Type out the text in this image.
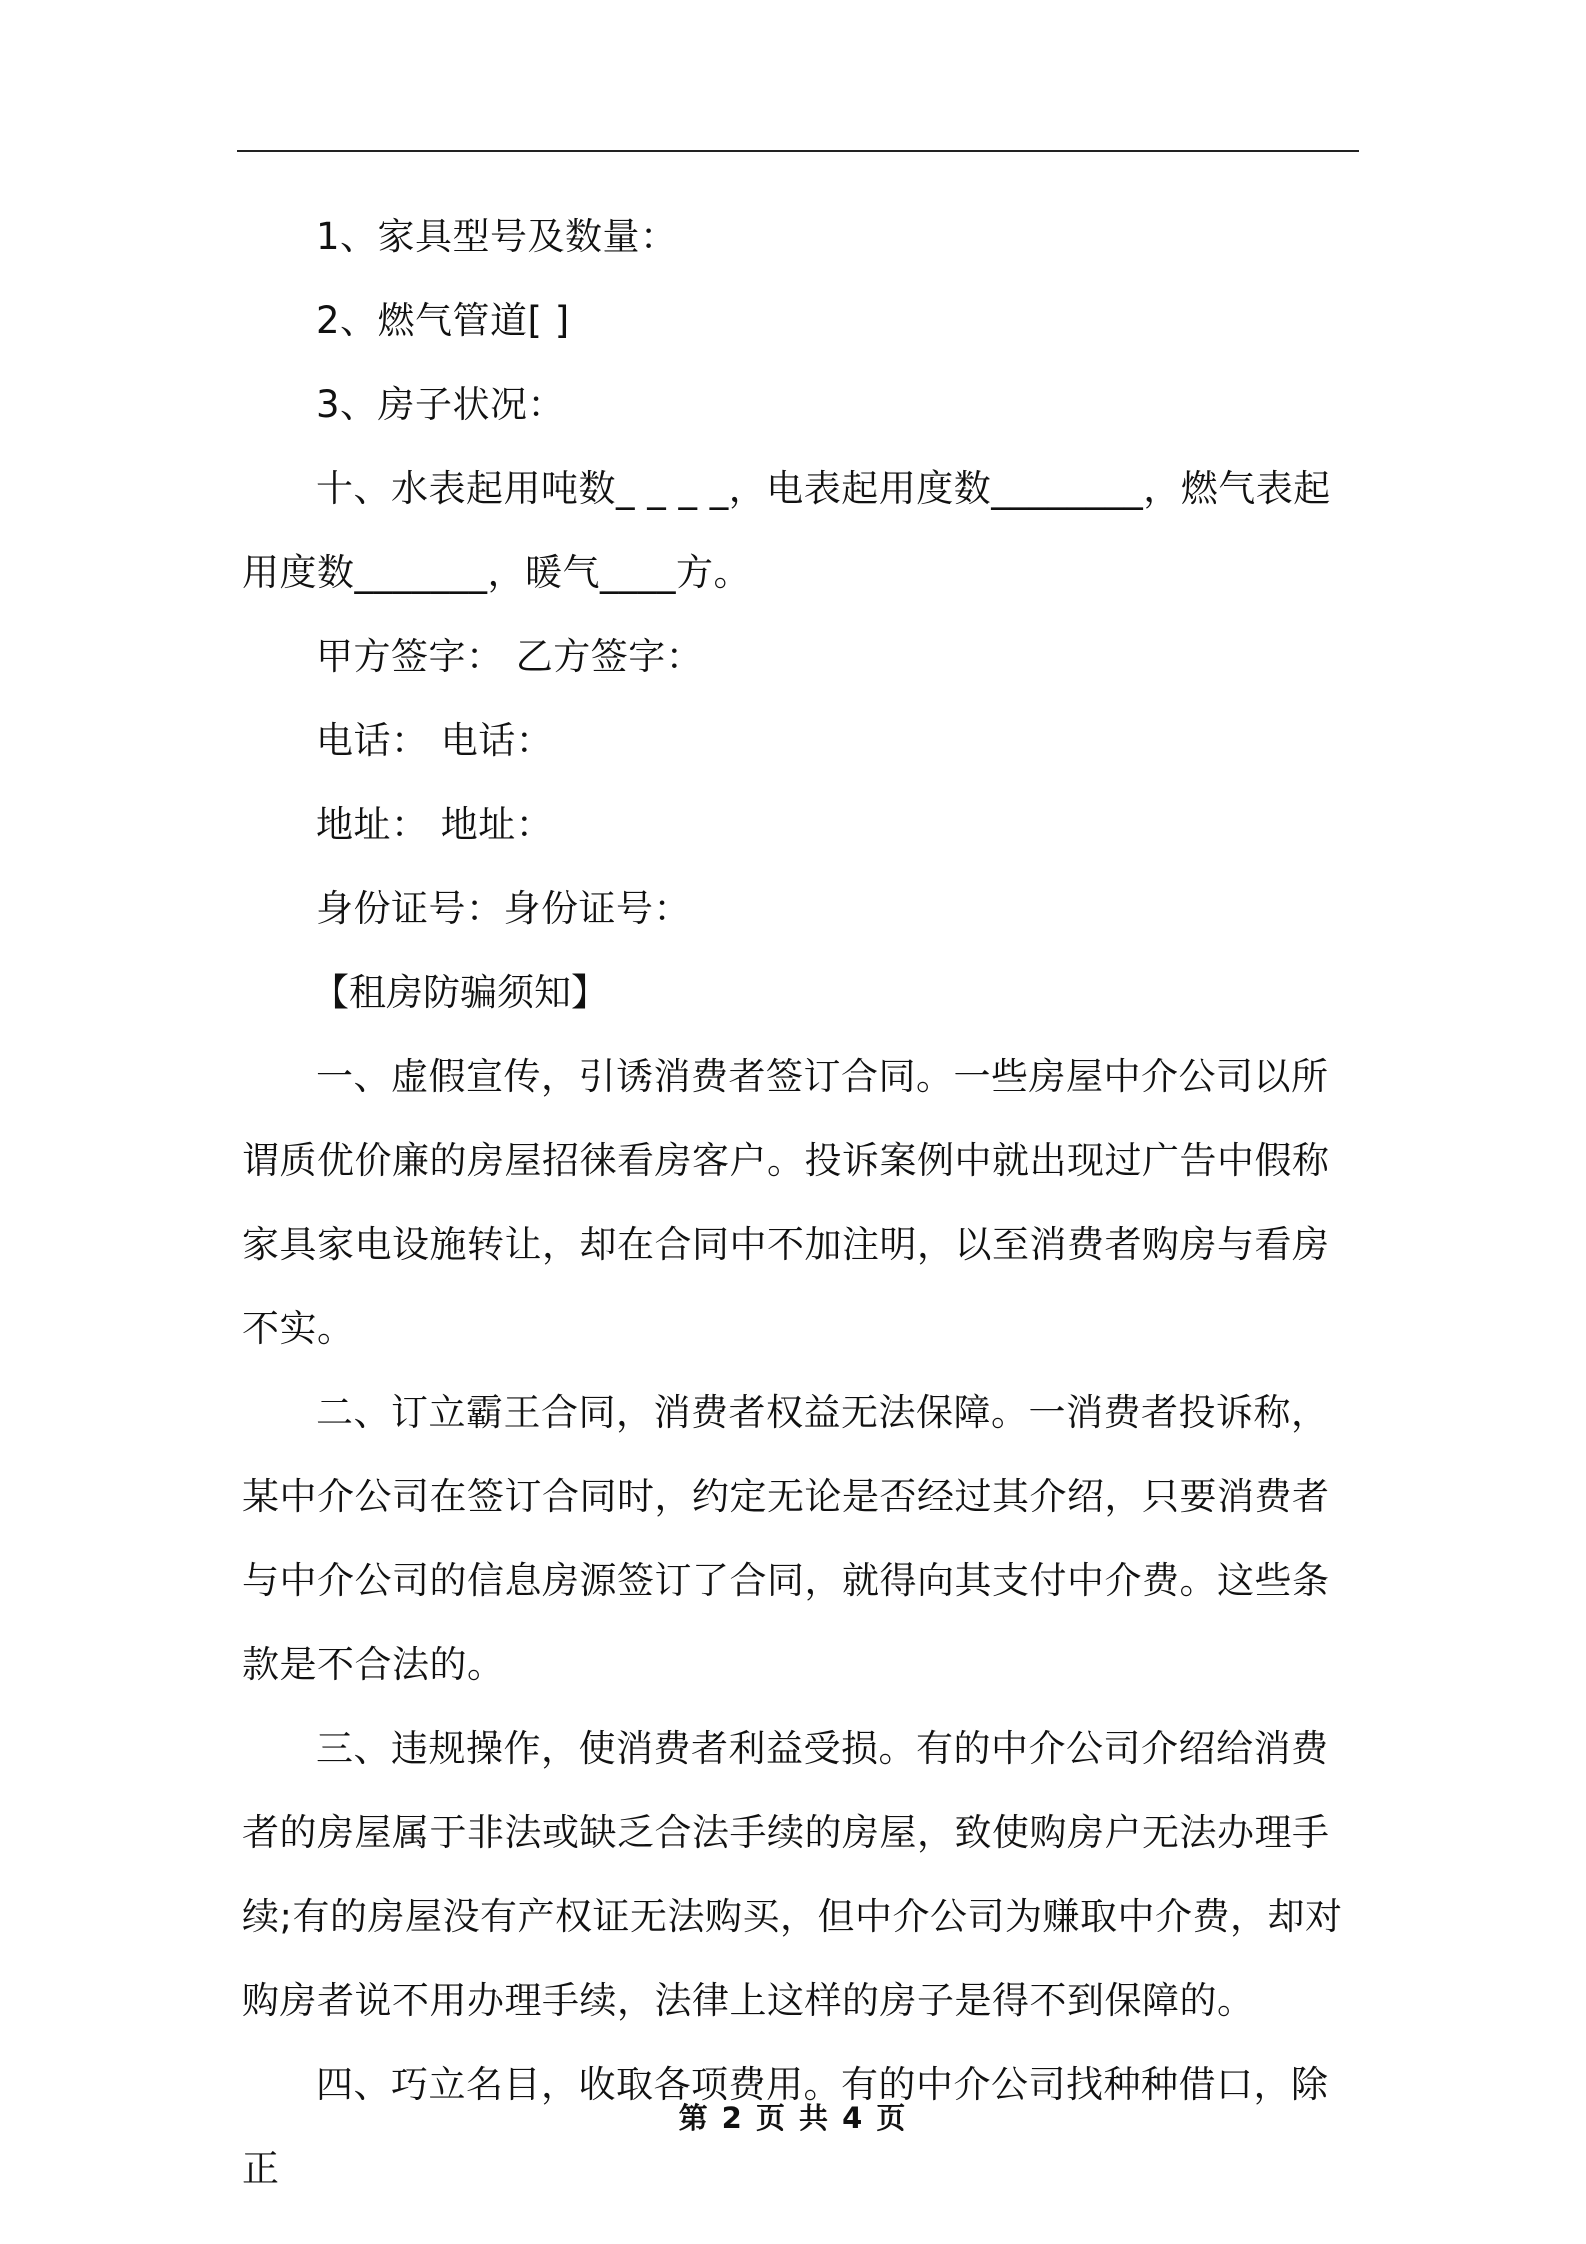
1、家具型号及数量：

2、燃气管道[ ]

3、房子状况：

十、水表起用吨数_ _ _ _，电表起用度数________，燃气表起用度数_______，暖气____方。

甲方签字： 乙方签字：

电话： 电话：

地址： 地址：

身份证号：身份证号：

【租房防骗须知】

一、虚假宣传，引诱消费者签订合同。一些房屋中介公司以所谓质优价廉的房屋招徕看房客户。投诉案例中就出现过广告中假称家具家电设施转让，却在合同中不加注明，以至消费者购房与看房不实。

二、订立霸王合同，消费者权益无法保障。一消费者投诉称，某中介公司在签订合同时，约定无论是否经过其介绍，只要消费者与中介公司的信息房源签订了合同，就得向其支付中介费。这些条款是不合法的。

三、违规操作，使消费者利益受损。有的中介公司介绍给消费者的房屋属于非法或缺乏合法手续的房屋，致使购房户无法办理手续;有的房屋没有产权证无法购买，但中介公司为赚取中介费，却对购房者说不用办理手续，法律上这样的房子是得不到保障的。

四、巧立名目，收取各项费用。有的中介公司找种种借口，除正

第 2 页 共 4 页
